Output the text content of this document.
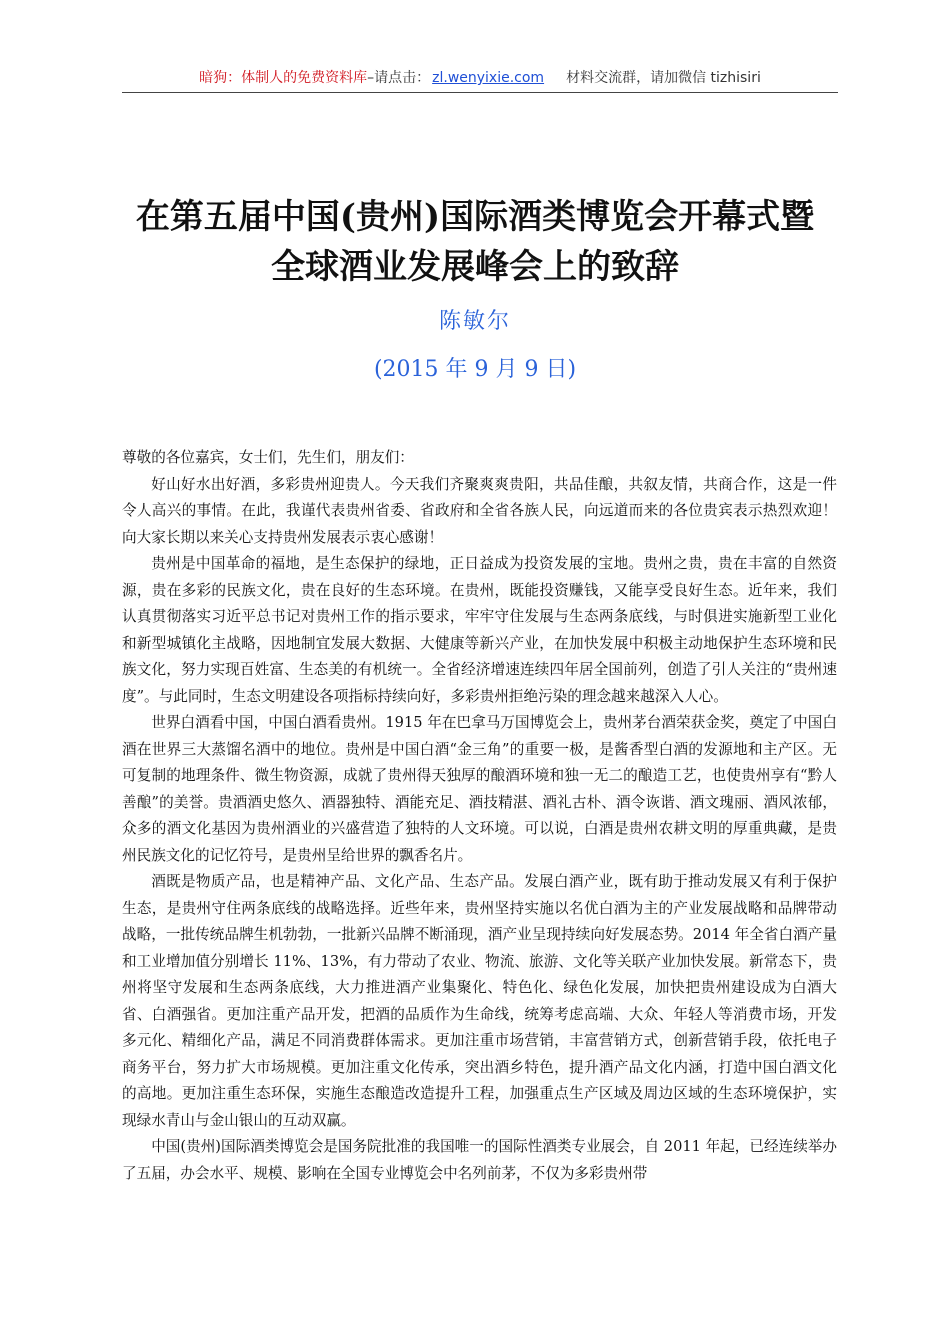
暗狗：体制人的免费资料库–请点击： zl.wenyixie.com 材料交流群，请加微信 tizhisiri
在第五届中国(贵州)国际酒类博览会开幕式暨
全球酒业发展峰会上的致辞
陈敏尔
(2015 年 9 月 9 日)

尊敬的各位嘉宾，女士们，先生们，朋友们：

好山好水出好酒，多彩贵州迎贵人。今天我们齐聚爽爽贵阳，共品佳酿，共叙友情，共商合作，这是一件令人高兴的事情。在此，我谨代表贵州省委、省政府和全省各族人民，向远道而来的各位贵宾表示热烈欢迎！向大家长期以来关心支持贵州发展表示衷心感谢！

贵州是中国革命的福地，是生态保护的绿地，正日益成为投资发展的宝地。贵州之贵，贵在丰富的自然资源，贵在多彩的民族文化，贵在良好的生态环境。在贵州，既能投资赚钱，又能享受良好生态。近年来，我们认真贯彻落实习近平总书记对贵州工作的指示要求，牢牢守住发展与生态两条底线，与时俱进实施新型工业化和新型城镇化主战略，因地制宜发展大数据、大健康等新兴产业，在加快发展中积极主动地保护生态环境和民族文化，努力实现百姓富、生态美的有机统一。全省经济增速连续四年居全国前列，创造了引人关注的“贵州速度”。与此同时，生态文明建设各项指标持续向好，多彩贵州拒绝污染的理念越来越深入人心。

世界白酒看中国，中国白酒看贵州。1915 年在巴拿马万国博览会上，贵州茅台酒荣获金奖，奠定了中国白酒在世界三大蒸馏名酒中的地位。贵州是中国白酒“金三角”的重要一极，是酱香型白酒的发源地和主产区。无可复制的地理条件、微生物资源，成就了贵州得天独厚的酿酒环境和独一无二的酿造工艺，也使贵州享有“黔人善酿”的美誉。贵酒酒史悠久、酒器独特、酒能充足、酒技精湛、酒礼古朴、酒令诙谐、酒文瑰丽、酒风浓郁，众多的酒文化基因为贵州酒业的兴盛营造了独特的人文环境。可以说，白酒是贵州农耕文明的厚重典藏，是贵州民族文化的记忆符号，是贵州呈给世界的飘香名片。

酒既是物质产品，也是精神产品、文化产品、生态产品。发展白酒产业，既有助于推动发展又有利于保护生态，是贵州守住两条底线的战略选择。近些年来，贵州坚持实施以名优白酒为主的产业发展战略和品牌带动战略，一批传统品牌生机勃勃，一批新兴品牌不断涌现，酒产业呈现持续向好发展态势。2014 年全省白酒产量和工业增加值分别增长 11%、13%，有力带动了农业、物流、旅游、文化等关联产业加快发展。新常态下，贵州将坚守发展和生态两条底线，大力推进酒产业集聚化、特色化、绿色化发展，加快把贵州建设成为白酒大省、白酒强省。更加注重产品开发，把酒的品质作为生命线，统筹考虑高端、大众、年轻人等消费市场，开发多元化、精细化产品，满足不同消费群体需求。更加注重市场营销，丰富营销方式，创新营销手段，依托电子商务平台，努力扩大市场规模。更加注重文化传承，突出酒乡特色，提升酒产品文化内涵，打造中国白酒文化的高地。更加注重生态环保，实施生态酿造改造提升工程，加强重点生产区域及周边区域的生态环境保护，实现绿水青山与金山银山的互动双赢。

中国(贵州)国际酒类博览会是国务院批准的我国唯一的国际性酒类专业展会，自 2011 年起，已经连续举办了五届，办会水平、规模、影响在全国专业博览会中名列前茅，不仅为多彩贵州带
